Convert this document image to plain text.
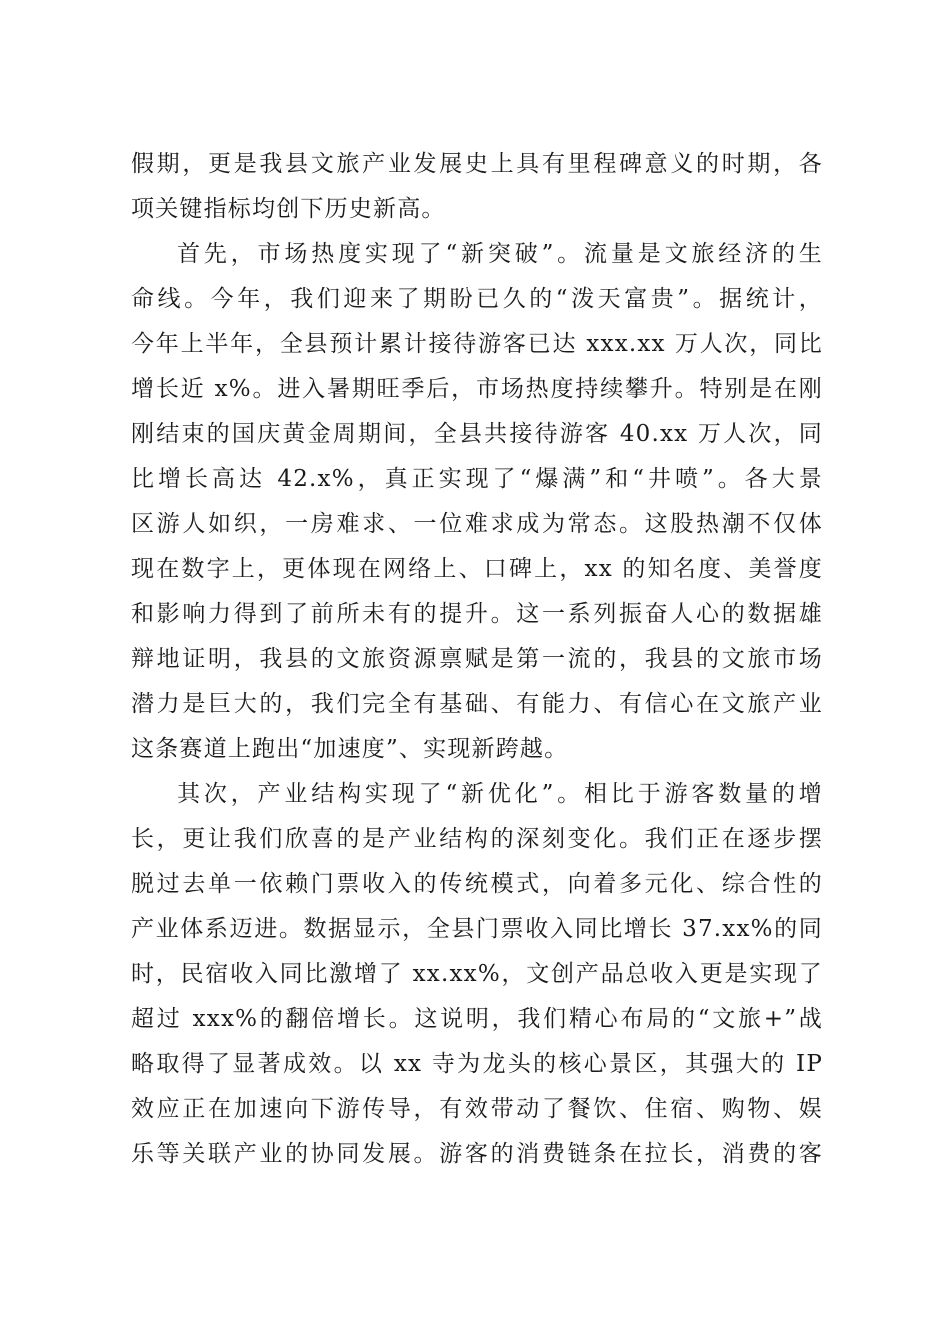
假期，更是我县文旅产业发展史上具有里程碑意义的时期，各
项关键指标均创下历史新高。
首先，市场热度实现了“新突破”。流量是文旅经济的生
命线。今年，我们迎来了期盼已久的“泼天富贵”。据统计，
今年上半年，全县预计累计接待游客已达 xxx.xx 万人次，同比
增长近 x%。进入暑期旺季后，市场热度持续攀升。特别是在刚
刚结束的国庆黄金周期间，全县共接待游客 40.xx 万人次，同
比增长高达 42.x%，真正实现了“爆满”和“井喷”。各大景
区游人如织，一房难求、一位难求成为常态。这股热潮不仅体
现在数字上，更体现在网络上、口碑上，xx 的知名度、美誉度
和影响力得到了前所未有的提升。这一系列振奋人心的数据雄
辩地证明，我县的文旅资源禀赋是第一流的，我县的文旅市场
潜力是巨大的，我们完全有基础、有能力、有信心在文旅产业
这条赛道上跑出“加速度”、实现新跨越。
其次，产业结构实现了“新优化”。相比于游客数量的增
长，更让我们欣喜的是产业结构的深刻变化。我们正在逐步摆
脱过去单一依赖门票收入的传统模式，向着多元化、综合性的
产业体系迈进。数据显示，全县门票收入同比增长 37.xx%的同
时，民宿收入同比激增了 xx.xx%，文创产品总收入更是实现了
超过 xxx%的翻倍增长。这说明，我们精心布局的“文旅+”战
略取得了显著成效。以 xx 寺为龙头的核心景区，其强大的 IP
效应正在加速向下游传导，有效带动了餐饮、住宿、购物、娱
乐等关联产业的协同发展。游客的消费链条在拉长，消费的客
